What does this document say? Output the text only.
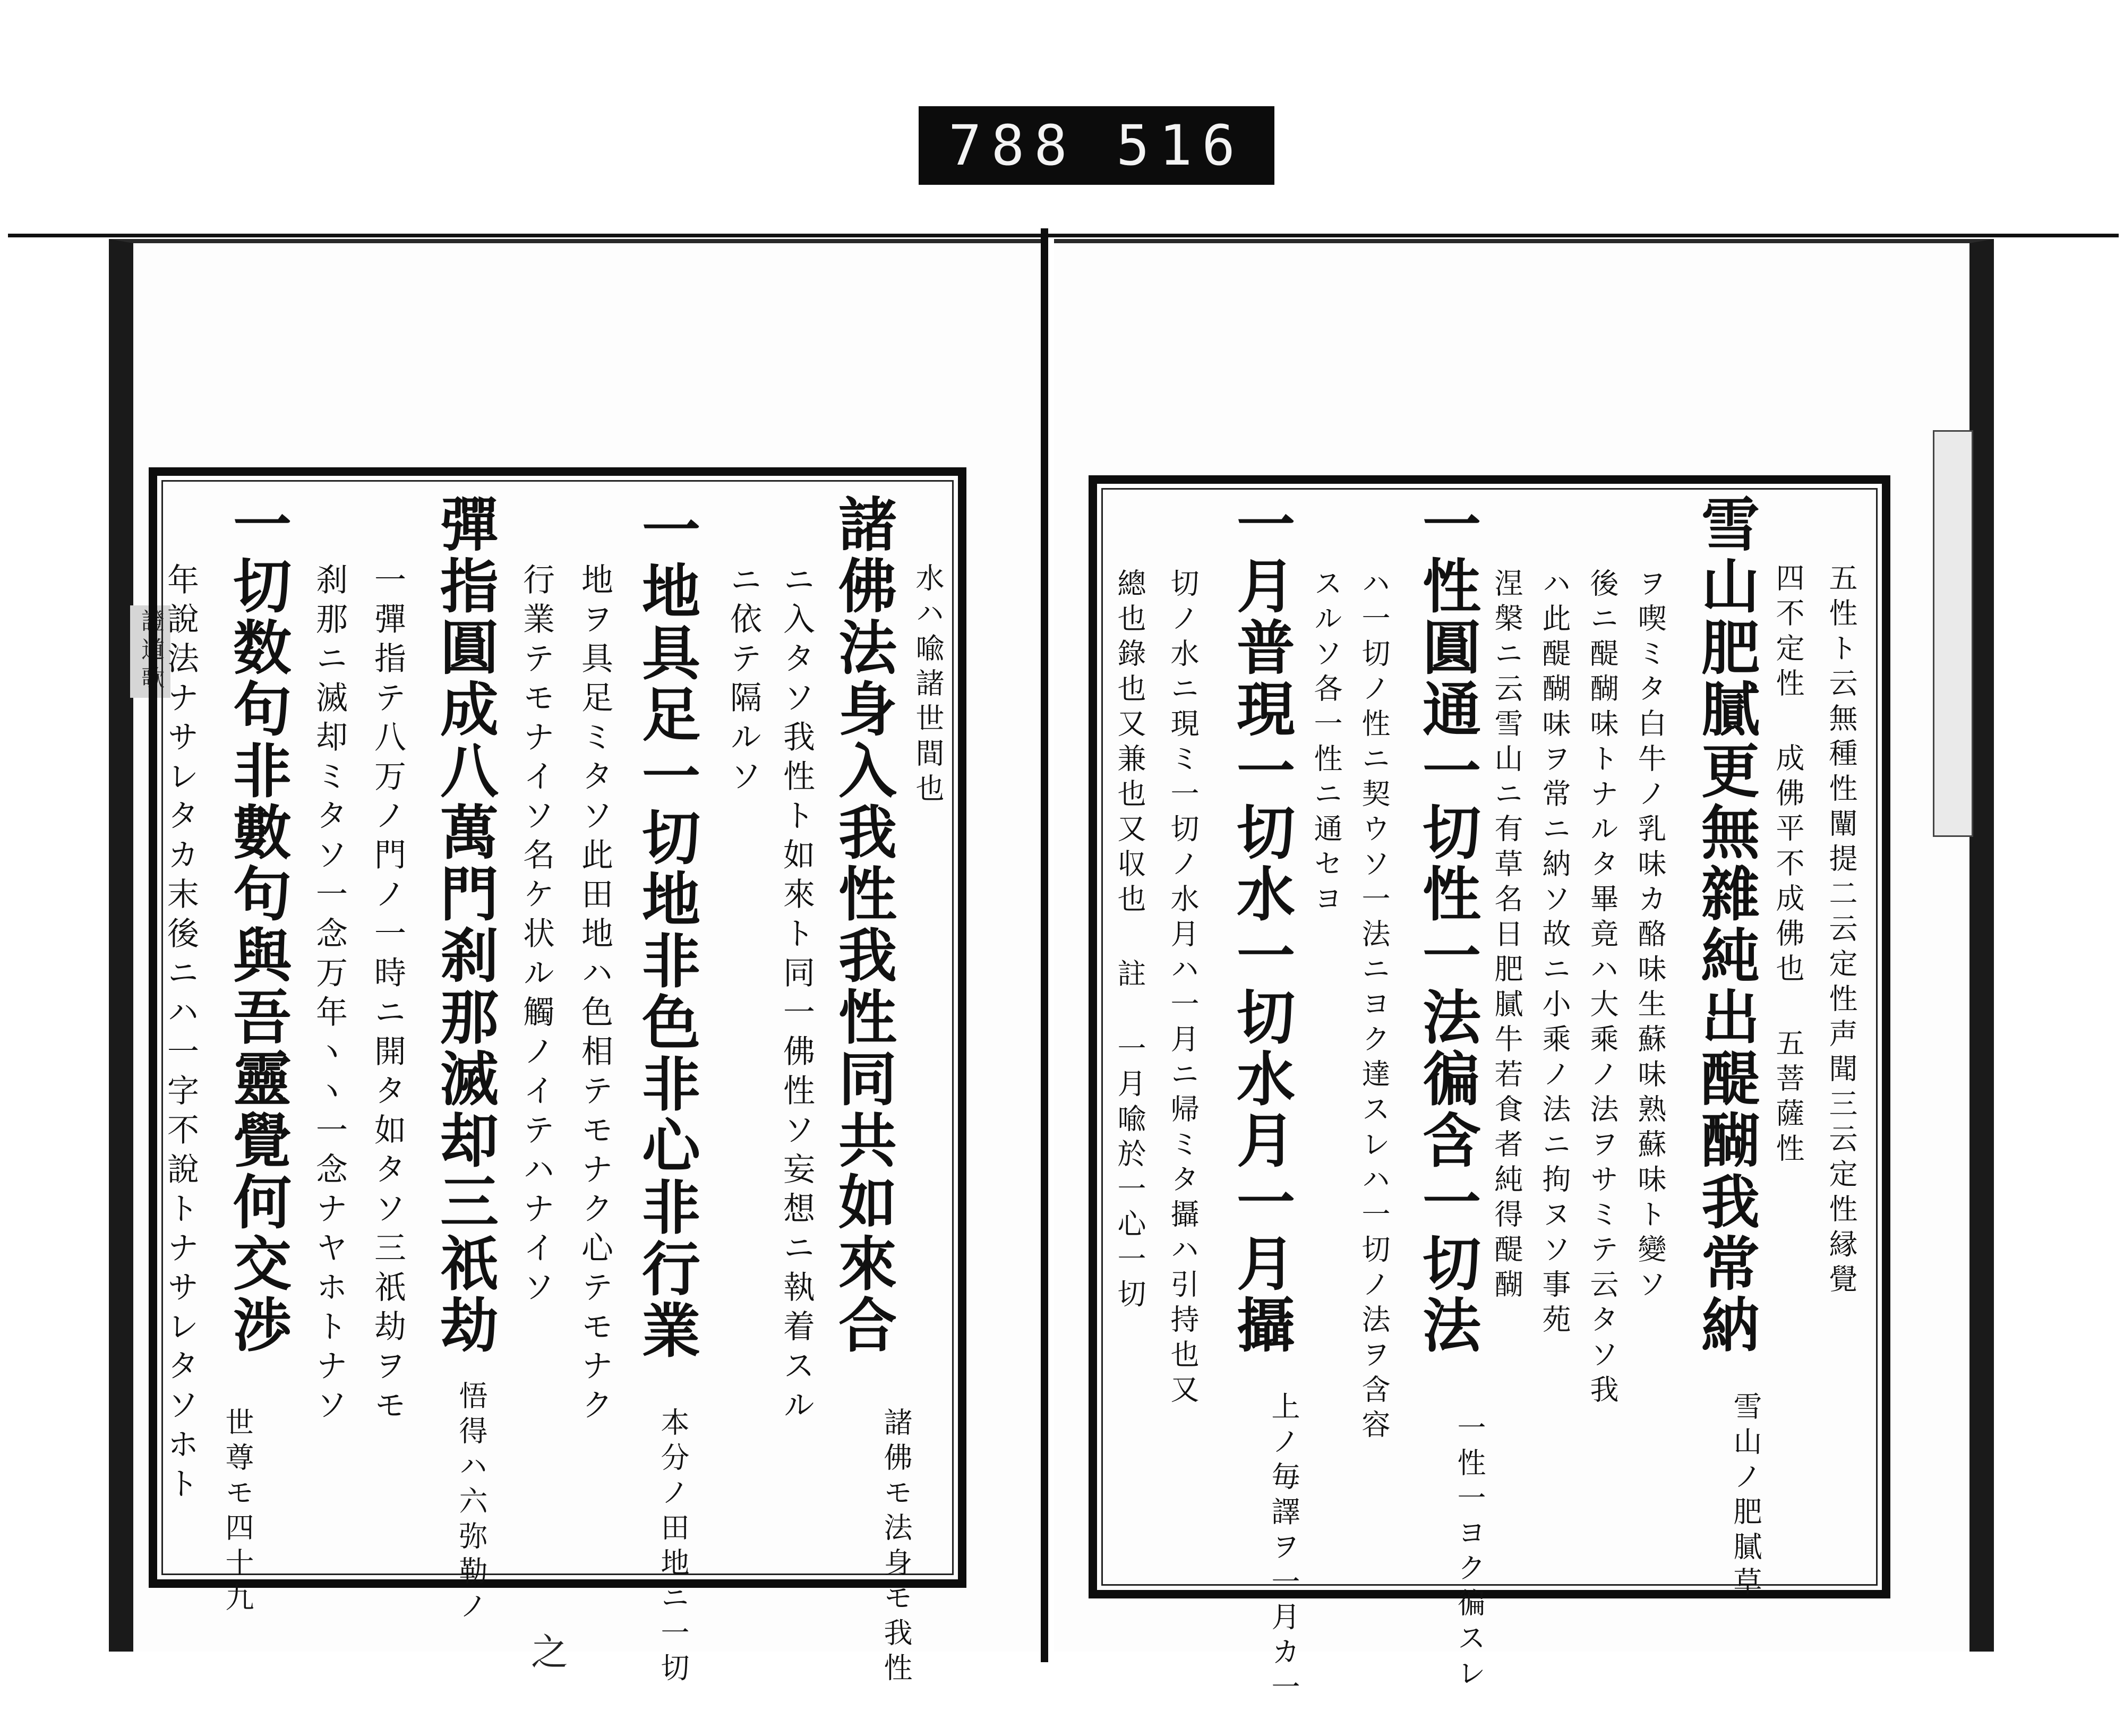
788 516
證道歌	水ハ喩諸世間也
諸佛法身入我性我性同共如來合
ニ入タソ我性ト如來ト同一佛性ソ妄想ニ執着スル
ニ依テ隔ルソ
一地具足一切地非色非心非行業
地ヲ具足ミタソ此田地ハ色相テモナク心テモナク
行業テモナイソ名ケ状ル觸ノイテハナイソ
彈指圓成八萬門刹那滅却三祇劫
一彈指テ八万ノ門ノ一時ニ開タ如タソ三祇劫ヲモ
刹那ニ滅却ミタソ一念万年ヽヽ一念ナヤホトナソ
一切数句非數句與吾靈覺何交渉
年說法ナサレタカ末後ニハ一字不說トナサレタソホト
諸佛モ法身モ我性
本分ノ田地ニ一切
悟得ハ六弥勒ノ
世尊モ四十九
之
五性ト云無種性闡提二云定性声聞三云定性縁覺
四不定性 成佛平不成佛也 五菩薩性
雪山肥膩更無雜純出醍醐我常納
ヲ喫ミタ白牛ノ乳味カ酪味生蘇味熟蘇味ト變ソ
後ニ醍醐味トナルタ畢竟ハ大乘ノ法ヲサミテ云タソ我
ハ此醍醐味ヲ常ニ納ソ故ニ小乘ノ法ニ拘ヌソ事苑
涅槃ニ云雪山ニ有草名日肥膩牛若食者純得醍醐
一性圓通一切性一法徧含一切法
ハ一切ノ性ニ契ウソ一法ニヨク達スレハ一切ノ法ヲ含容
スルソ各一性ニ通セヨ
一月普現一切水一切水月一月攝
切ノ水ニ現ミ一切ノ水月ハ一月ニ帰ミタ攝ハ引持也又
總也錄也又兼也又収也 註 一月喩於一心一切
雪山ノ肥膩草
一性一ヨク徧スレ
上ノ毎譯ヲ一月カ一
